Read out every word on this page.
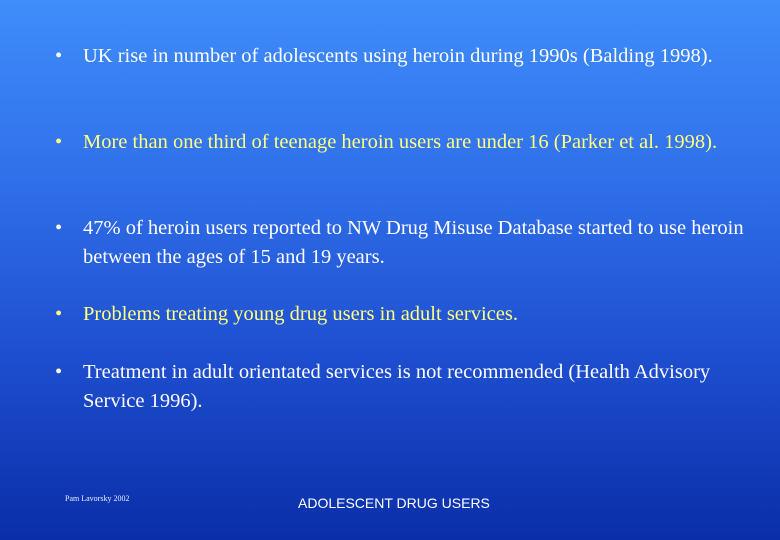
•	UK rise in number of adolescents using heroin during 1990s (Balding 1998).
•	More than one third of teenage heroin users are under 16 (Parker et al. 1998).
•	47% of heroin users reported to NW Drug Misuse Database started to use heroin between the ages of 15 and 19 years.
•	Problems treating young drug users in adult services.
•	Treatment in adult orientated services is not recommended (Health Advisory Service 1996).
Pam Lavorsky 2002	ADOLESCENT DRUG USERS
